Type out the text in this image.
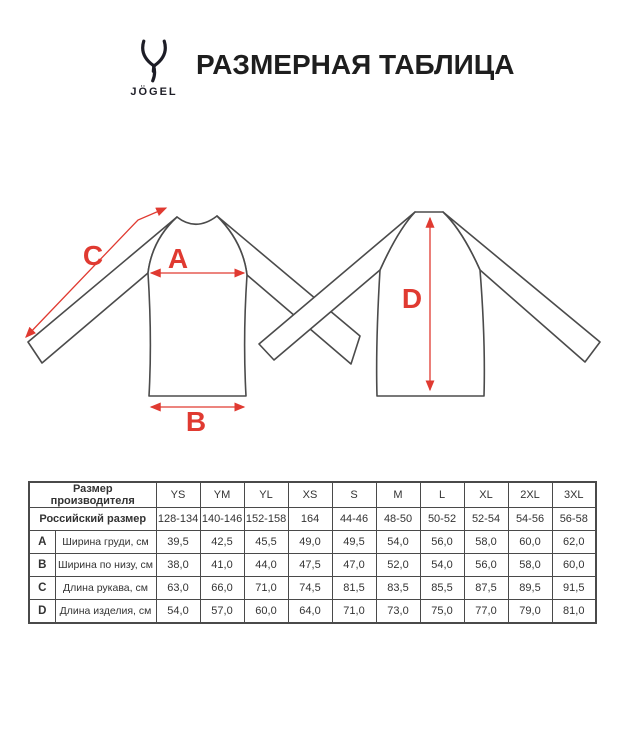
JÖGEL
РАЗМЕРНАЯ ТАБЛИЦА
A
B
C
D
Размер производителя		YS	YM	YL	XS	S	M	L	XL	2XL	3XL
Российский размер		128-134	140-146	152-158	164	44-46	48-50	50-52	52-54	54-56	56-58
A	Ширина груди, см	39,5	42,5	45,5	49,0	49,5	54,0	56,0	58,0	60,0	62,0
B	Ширина по низу, см	38,0	41,0	44,0	47,5	47,0	52,0	54,0	56,0	58,0	60,0
C	Длина рукава, см	63,0	66,0	71,0	74,5	81,5	83,5	85,5	87,5	89,5	91,5
D	Длина изделия, см	54,0	57,0	60,0	64,0	71,0	73,0	75,0	77,0	79,0	81,0
